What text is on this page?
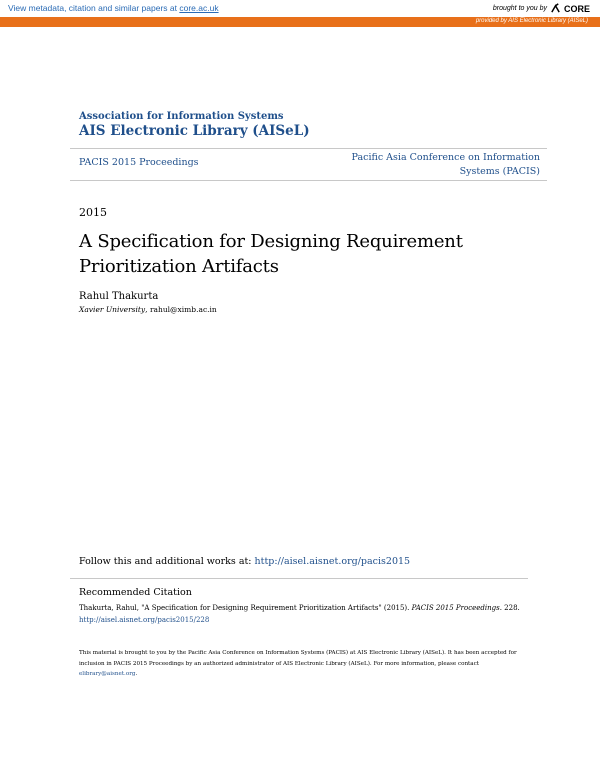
View metadata, citation and similar papers at core.ac.uk	brought to you by CORE
provided by AIS Electronic Library (AISeL)
Association for Information Systems
AIS Electronic Library (AISeL)
PACIS 2015 Proceedings	Pacific Asia Conference on Information Systems (PACIS)
2015
A Specification for Designing Requirement Prioritization Artifacts
Rahul Thakurta
Xavier University, rahul@ximb.ac.in
Follow this and additional works at: http://aisel.aisnet.org/pacis2015
Recommended Citation
Thakurta, Rahul, "A Specification for Designing Requirement Prioritization Artifacts" (2015). PACIS 2015 Proceedings. 228.
http://aisel.aisnet.org/pacis2015/228
This material is brought to you by the Pacific Asia Conference on Information Systems (PACIS) at AIS Electronic Library (AISeL). It has been accepted for inclusion in PACIS 2015 Proceedings by an authorized administrator of AIS Electronic Library (AISeL). For more information, please contact elibrary@aisnet.org.
